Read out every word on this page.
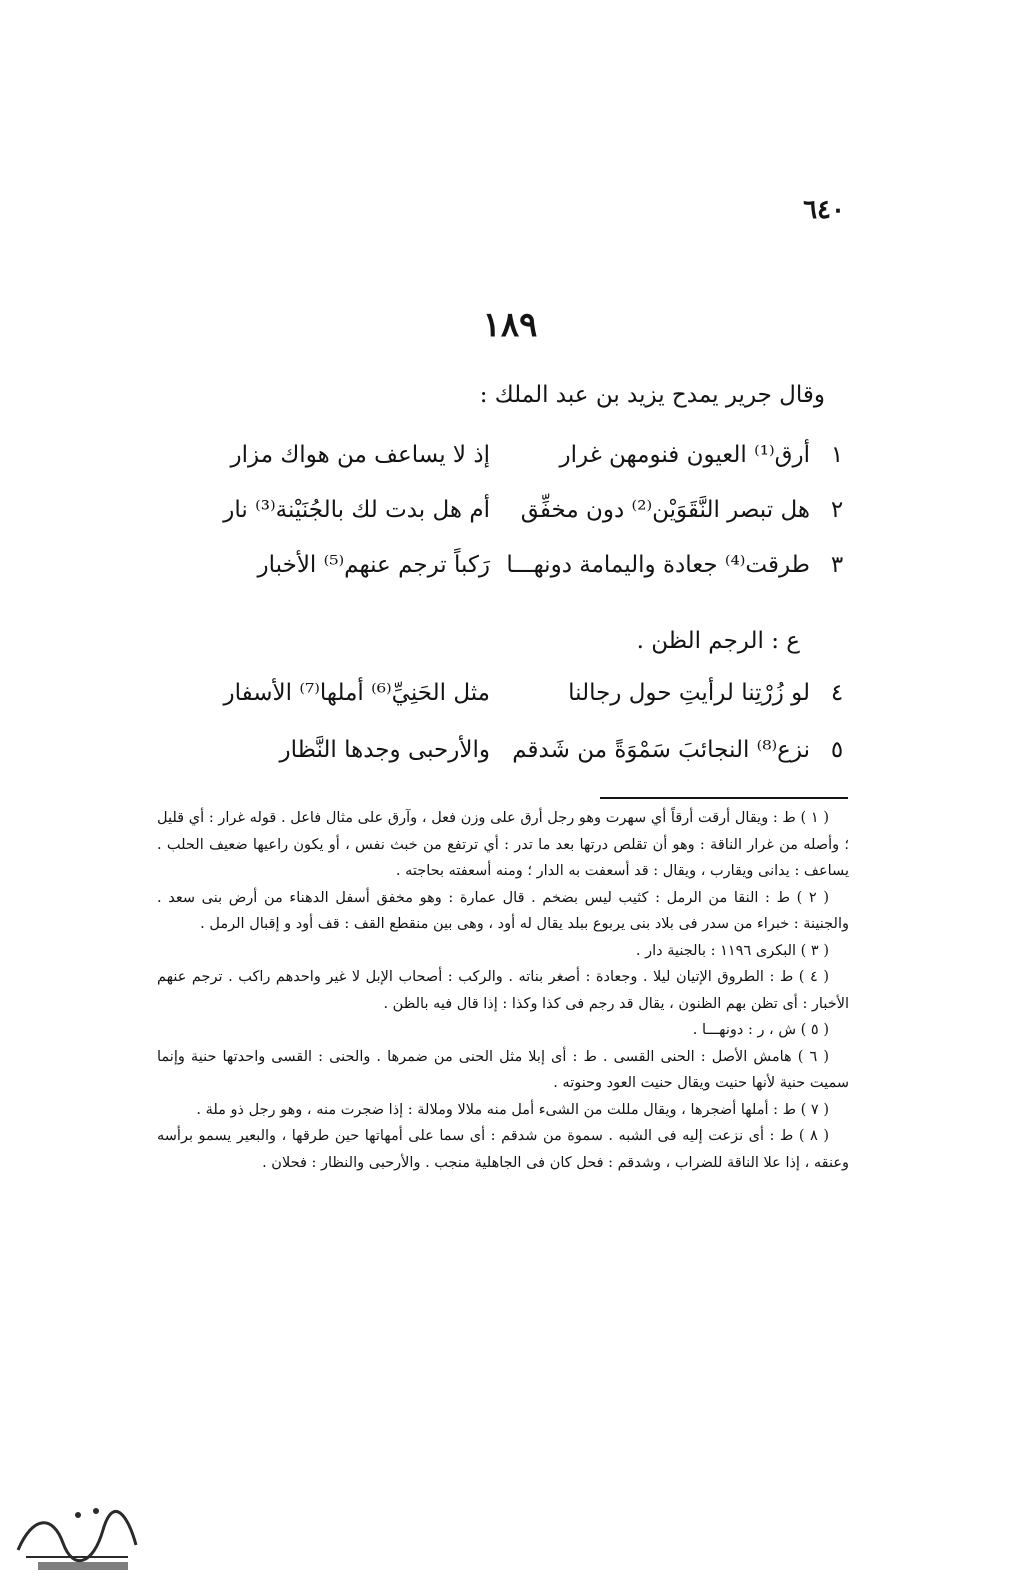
٦٤٠
١٨٩
وقال جرير يمدح يزيد بن عبد الملك :
١
أرق⁽¹⁾ العيون فنومهن غرار
إذ لا يساعف من هواك مزار
٢
هل تبصر النَّقَوَيْن⁽²⁾ دون مخفِّق
أم هل بدت لك بالجُنَيْنة⁽³⁾ نار
٣
طرقت⁽⁴⁾ جعادة واليمامة دونهـــا
رَكباً ترجم عنهم⁽⁵⁾ الأخبار
ع : الرجم الظن .
٤
لو زُرْتِنا لرأيتِ حول رجالنا
مثل الحَنِيِّ⁽⁶⁾ أملها⁽⁷⁾ الأسفار
٥
نزع⁽⁸⁾ النجائبَ سَمْوَةً من شَدقم
والأرحبى وجدها النَّظار

( ١ ) ط : ويقال أرقت أرقاً أي سهرت وهو رجل أرق على وزن فعل ، وآرق على مثال فاعل . قوله غرار : أي قليل ؛ وأصله من غرار الناقة : وهو أن تقلص درتها بعد ما تدر : أي ترتفع من خبث نفس ، أو يكون راعيها ضعيف الحلب . يساعف : يدانى ويقارب ، ويقال : قد أسعفت به الدار ؛ ومنه أسعفته بحاجته .

( ٢ ) ط : النقا من الرمل : كثيب ليس بضخم . قال عمارة : وهو مخفق أسفل الدهناء من أرض بنى سعد . والجنينة : خبراء من سدر فى بلاد بنى يربوع ببلد يقال له أود ، وهى بين منقطع القف : قف أود و إقبال الرمل .

( ٣ ) البكرى ١١٩٦ : بالجنية دار .

( ٤ ) ط : الطروق الإتيان ليلا . وجعادة : أصغر بناته . والركب : أصحاب الإبل لا غير واحدهم راكب . ترجم عنهم الأخبار : أى تظن بهم الظنون ، يقال قد رجم فى كذا وكذا : إذا قال فيه بالظن .

( ٥ ) ش ، ر : دونهـــا .

( ٦ ) هامش الأصل : الحنى القسى . ط : أى إبلا مثل الحنى من ضمرها . والحنى : القسى واحدتها حنية وإنما سميت حنية لأنها حنيت ويقال حنيت العود وحنوته .

( ٧ ) ط : أملها أضجرها ، ويقال مللت من الشىء أمل منه ملالا وملالة : إذا ضجرت منه ، وهو رجل ذو ملة .

( ٨ ) ط : أى نزعت إليه فى الشبه . سموة من شدقم : أى سما على أمهاتها حين طرقها ، والبعير يسمو برأسه وعنقه ، إذا علا الناقة للضراب ، وشدقم : فحل كان فى الجاهلية منجب . والأرحبى والنظار : فحلان .
